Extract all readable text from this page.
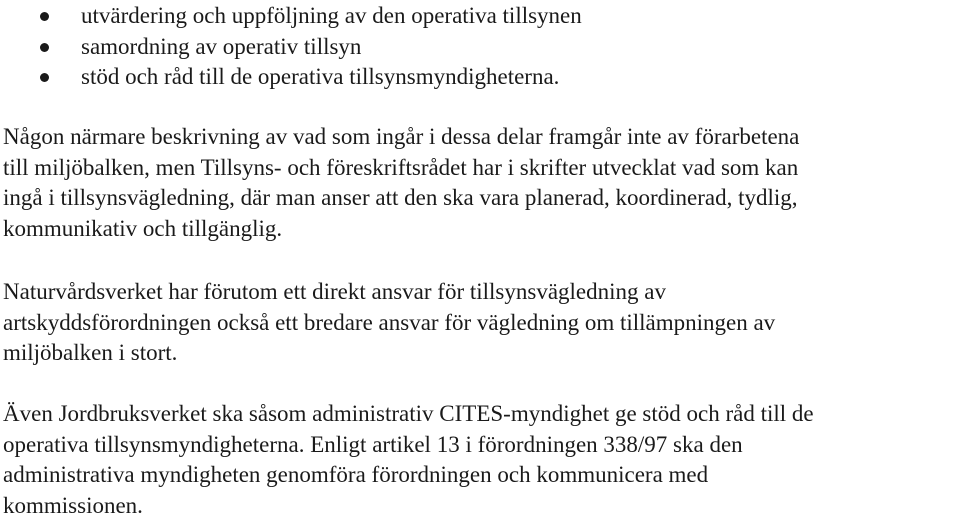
utvärdering och uppföljning av den operativa tillsynen
samordning av operativ tillsyn
stöd och råd till de operativa tillsynsmyndigheterna.

Någon närmare beskrivning av vad som ingår i dessa delar framgår inte av förarbetena
till miljöbalken, men Tillsyns- och föreskriftsrådet har i skrifter utvecklat vad som kan
ingå i tillsynsvägledning, där man anser att den ska vara planerad, koordinerad, tydlig,
kommunikativ och tillgänglig.

Naturvårdsverket har förutom ett direkt ansvar för tillsynsvägledning av
artskyddsförordningen också ett bredare ansvar för vägledning om tillämpningen av
miljöbalken i stort.

Även Jordbruksverket ska såsom administrativ CITES-myndighet ge stöd och råd till de
operativa tillsynsmyndigheterna. Enligt artikel 13 i förordningen 338/97 ska den
administrativa myndigheten genomföra förordningen och kommunicera med
kommissionen.
